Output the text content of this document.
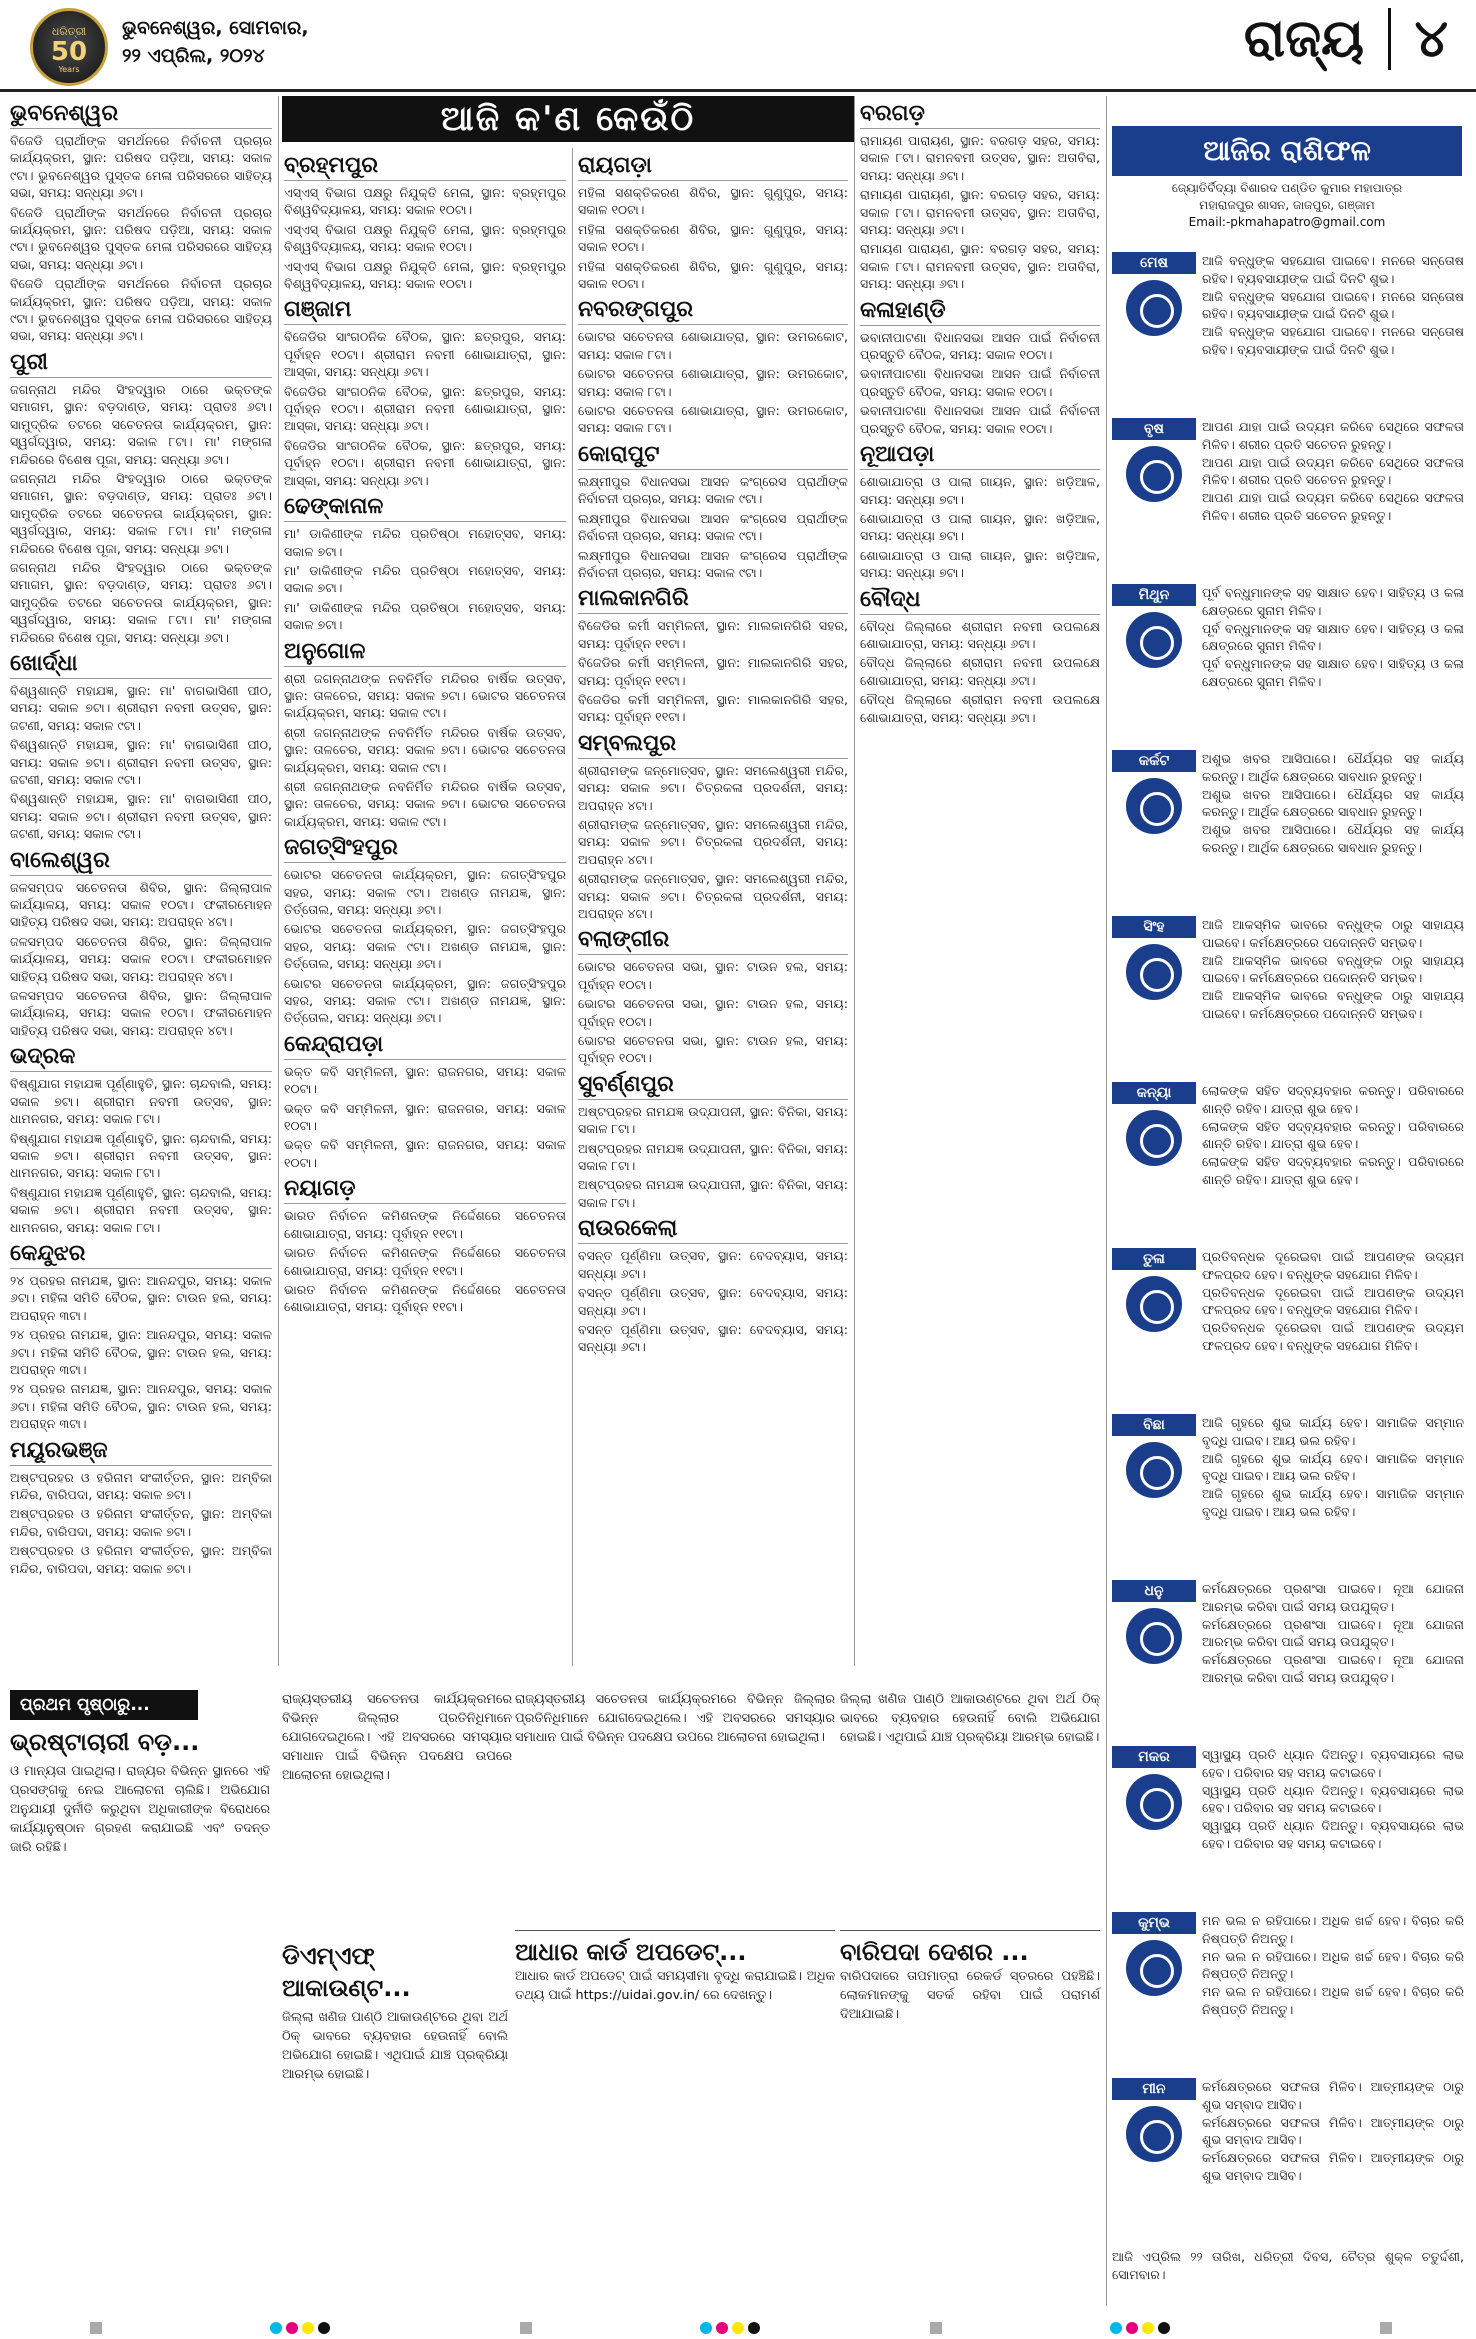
ଧରିତ୍ରୀ
50
Years
ଭୁବନେଶ୍ୱର, ସୋମବାର,
୨୨ ଏପ୍ରିଲ, ୨୦୨୪	ରାଜ୍ୟ ୪
ଆଜି କ'ଣ କେଉଁଠି
ଭୁବନେଶ୍ୱର

ବିଜେଡି ପ୍ରାର୍ଥୀଙ୍କ ସମର୍ଥନରେ ନିର୍ବାଚନୀ ପ୍ରଚାର କାର୍ଯ୍ୟକ୍ରମ, ସ୍ଥାନ: ପରିଷଦ ପଡ଼ିଆ, ସମୟ: ସକାଳ ୯ଟା। ଭୁବନେଶ୍ୱର ପୁସ୍ତକ ମେଳା ପରିସରରେ ସାହିତ୍ୟ ସଭା, ସମୟ: ସନ୍ଧ୍ୟା ୬ଟା।

ବିଜେଡି ପ୍ରାର୍ଥୀଙ୍କ ସମର୍ଥନରେ ନିର୍ବାଚନୀ ପ୍ରଚାର କାର୍ଯ୍ୟକ୍ରମ, ସ୍ଥାନ: ପରିଷଦ ପଡ଼ିଆ, ସମୟ: ସକାଳ ୯ଟା। ଭୁବନେଶ୍ୱର ପୁସ୍ତକ ମେଳା ପରିସରରେ ସାହିତ୍ୟ ସଭା, ସମୟ: ସନ୍ଧ୍ୟା ୬ଟା।

ବିଜେଡି ପ୍ରାର୍ଥୀଙ୍କ ସମର୍ଥନରେ ନିର୍ବାଚନୀ ପ୍ରଚାର କାର୍ଯ୍ୟକ୍ରମ, ସ୍ଥାନ: ପରିଷଦ ପଡ଼ିଆ, ସମୟ: ସକାଳ ୯ଟା। ଭୁବନେଶ୍ୱର ପୁସ୍ତକ ମେଳା ପରିସରରେ ସାହିତ୍ୟ ସଭା, ସମୟ: ସନ୍ଧ୍ୟା ୬ଟା।

ପୁରୀ

ଜଗନ୍ନାଥ ମନ୍ଦିର ସିଂହଦ୍ୱାର ଠାରେ ଭକ୍ତଙ୍କ ସମାଗମ, ସ୍ଥାନ: ବଡ଼ଦାଣ୍ଡ, ସମୟ: ପ୍ରାତଃ ୬ଟା। ସାମୁଦ୍ରିକ ତଟରେ ସଚେତନତା କାର୍ଯ୍ୟକ୍ରମ, ସ୍ଥାନ: ସ୍ୱର୍ଗଦ୍ୱାର, ସମୟ: ସକାଳ ୮ଟା। ମା' ମଙ୍ଗଳା ମନ୍ଦିରରେ ବିଶେଷ ପୂଜା, ସମୟ: ସନ୍ଧ୍ୟା ୬ଟା।

ଜଗନ୍ନାଥ ମନ୍ଦିର ସିଂହଦ୍ୱାର ଠାରେ ଭକ୍ତଙ୍କ ସମାଗମ, ସ୍ଥାନ: ବଡ଼ଦାଣ୍ଡ, ସମୟ: ପ୍ରାତଃ ୬ଟା। ସାମୁଦ୍ରିକ ତଟରେ ସଚେତନତା କାର୍ଯ୍ୟକ୍ରମ, ସ୍ଥାନ: ସ୍ୱର୍ଗଦ୍ୱାର, ସମୟ: ସକାଳ ୮ଟା। ମା' ମଙ୍ଗଳା ମନ୍ଦିରରେ ବିଶେଷ ପୂଜା, ସମୟ: ସନ୍ଧ୍ୟା ୬ଟା।

ଜଗନ୍ନାଥ ମନ୍ଦିର ସିଂହଦ୍ୱାର ଠାରେ ଭକ୍ତଙ୍କ ସମାଗମ, ସ୍ଥାନ: ବଡ଼ଦାଣ୍ଡ, ସମୟ: ପ୍ରାତଃ ୬ଟା। ସାମୁଦ୍ରିକ ତଟରେ ସଚେତନତା କାର୍ଯ୍ୟକ୍ରମ, ସ୍ଥାନ: ସ୍ୱର୍ଗଦ୍ୱାର, ସମୟ: ସକାଳ ୮ଟା। ମା' ମଙ୍ଗଳା ମନ୍ଦିରରେ ବିଶେଷ ପୂଜା, ସମୟ: ସନ୍ଧ୍ୟା ୬ଟା।

ଖୋର୍ଦ୍ଧା

ବିଶ୍ୱଶାନ୍ତି ମହାଯଜ୍ଞ, ସ୍ଥାନ: ମା' ବାଗଭାସିଣୀ ପୀଠ, ସମୟ: ସକାଳ ୭ଟା। ଶ୍ରୀରାମ ନବମୀ ଉତ୍ସବ, ସ୍ଥାନ: ଜଟଣୀ, ସମୟ: ସକାଳ ୯ଟା।

ବିଶ୍ୱଶାନ୍ତି ମହାଯଜ୍ଞ, ସ୍ଥାନ: ମା' ବାଗଭାସିଣୀ ପୀଠ, ସମୟ: ସକାଳ ୭ଟା। ଶ୍ରୀରାମ ନବମୀ ଉତ୍ସବ, ସ୍ଥାନ: ଜଟଣୀ, ସମୟ: ସକାଳ ୯ଟା।

ବିଶ୍ୱଶାନ୍ତି ମହାଯଜ୍ଞ, ସ୍ଥାନ: ମା' ବାଗଭାସିଣୀ ପୀଠ, ସମୟ: ସକାଳ ୭ଟା। ଶ୍ରୀରାମ ନବମୀ ଉତ୍ସବ, ସ୍ଥାନ: ଜଟଣୀ, ସମୟ: ସକାଳ ୯ଟା।

ବାଲେଶ୍ୱର

ଜଳସମ୍ପଦ ସଚେତନତା ଶିବିର, ସ୍ଥାନ: ଜିଲ୍ଲାପାଳ କାର୍ଯ୍ୟାଳୟ, ସମୟ: ସକାଳ ୧୦ଟା। ଫକୀରମୋହନ ସାହିତ୍ୟ ପରିଷଦ ସଭା, ସମୟ: ଅପରାହ୍ନ ୪ଟା।

ଜଳସମ୍ପଦ ସଚେତନତା ଶିବିର, ସ୍ଥାନ: ଜିଲ୍ଲାପାଳ କାର୍ଯ୍ୟାଳୟ, ସମୟ: ସକାଳ ୧୦ଟା। ଫକୀରମୋହନ ସାହିତ୍ୟ ପରିଷଦ ସଭା, ସମୟ: ଅପରାହ୍ନ ୪ଟା।

ଜଳସମ୍ପଦ ସଚେତନତା ଶିବିର, ସ୍ଥାନ: ଜିଲ୍ଲାପାଳ କାର୍ଯ୍ୟାଳୟ, ସମୟ: ସକାଳ ୧୦ଟା। ଫକୀରମୋହନ ସାହିତ୍ୟ ପରିଷଦ ସଭା, ସମୟ: ଅପରାହ୍ନ ୪ଟା।

ଭଦ୍ରକ

ବିଷ୍ଣୁଯାଗ ମହାଯଜ୍ଞ ପୂର୍ଣ୍ଣାହୁତି, ସ୍ଥାନ: ଚାନ୍ଦବାଲି, ସମୟ: ସକାଳ ୭ଟା। ଶ୍ରୀରାମ ନବମୀ ଉତ୍ସବ, ସ୍ଥାନ: ଧାମନଗର, ସମୟ: ସକାଳ ୮ଟା।

ବିଷ୍ଣୁଯାଗ ମହାଯଜ୍ଞ ପୂର୍ଣ୍ଣାହୁତି, ସ୍ଥାନ: ଚାନ୍ଦବାଲି, ସମୟ: ସକାଳ ୭ଟା। ଶ୍ରୀରାମ ନବମୀ ଉତ୍ସବ, ସ୍ଥାନ: ଧାମନଗର, ସମୟ: ସକାଳ ୮ଟା।

ବିଷ୍ଣୁଯାଗ ମହାଯଜ୍ଞ ପୂର୍ଣ୍ଣାହୁତି, ସ୍ଥାନ: ଚାନ୍ଦବାଲି, ସମୟ: ସକାଳ ୭ଟା। ଶ୍ରୀରାମ ନବମୀ ଉତ୍ସବ, ସ୍ଥାନ: ଧାମନଗର, ସମୟ: ସକାଳ ୮ଟା।

କେନ୍ଦୁଝର

୨୪ ପ୍ରହର ନାମଯଜ୍ଞ, ସ୍ଥାନ: ଆନନ୍ଦପୁର, ସମୟ: ସକାଳ ୬ଟା। ମହିଳା ସମିତି ବୈଠକ, ସ୍ଥାନ: ଟାଉନ ହଲ, ସମୟ: ଅପରାହ୍ନ ୩ଟା।

୨୪ ପ୍ରହର ନାମଯଜ୍ଞ, ସ୍ଥାନ: ଆନନ୍ଦପୁର, ସମୟ: ସକାଳ ୬ଟା। ମହିଳା ସମିତି ବୈଠକ, ସ୍ଥାନ: ଟାଉନ ହଲ, ସମୟ: ଅପରାହ୍ନ ୩ଟା।

୨୪ ପ୍ରହର ନାମଯଜ୍ଞ, ସ୍ଥାନ: ଆନନ୍ଦପୁର, ସମୟ: ସକାଳ ୬ଟା। ମହିଳା ସମିତି ବୈଠକ, ସ୍ଥାନ: ଟାଉନ ହଲ, ସମୟ: ଅପରାହ୍ନ ୩ଟା।

ମୟୂରଭଞ୍ଜ

ଅଷ୍ଟପ୍ରହର ଓ ହରିନାମ ସଂକୀର୍ତ୍ତନ, ସ୍ଥାନ: ଅମ୍ବିକା ମନ୍ଦିର, ବାରିପଦା, ସମୟ: ସକାଳ ୭ଟା।

ଅଷ୍ଟପ୍ରହର ଓ ହରିନାମ ସଂକୀର୍ତ୍ତନ, ସ୍ଥାନ: ଅମ୍ବିକା ମନ୍ଦିର, ବାରିପଦା, ସମୟ: ସକାଳ ୭ଟା।

ଅଷ୍ଟପ୍ରହର ଓ ହରିନାମ ସଂକୀର୍ତ୍ତନ, ସ୍ଥାନ: ଅମ୍ବିକା ମନ୍ଦିର, ବାରିପଦା, ସମୟ: ସକାଳ ୭ଟା।

ବ୍ରହ୍ମପୁର

ଏସ୍‌ଏସ୍ ବିଭାଗ ପକ୍ଷରୁ ନିଯୁକ୍ତି ମେଳା, ସ୍ଥାନ: ବ୍ରହ୍ମପୁର ବିଶ୍ୱବିଦ୍ୟାଳୟ, ସମୟ: ସକାଳ ୧୦ଟା।

ଏସ୍‌ଏସ୍ ବିଭାଗ ପକ୍ଷରୁ ନିଯୁକ୍ତି ମେଳା, ସ୍ଥାନ: ବ୍ରହ୍ମପୁର ବିଶ୍ୱବିଦ୍ୟାଳୟ, ସମୟ: ସକାଳ ୧୦ଟା।

ଏସ୍‌ଏସ୍ ବିଭାଗ ପକ୍ଷରୁ ନିଯୁକ୍ତି ମେଳା, ସ୍ଥାନ: ବ୍ରହ୍ମପୁର ବିଶ୍ୱବିଦ୍ୟାଳୟ, ସମୟ: ସକାଳ ୧୦ଟା।

ଗଞ୍ଜାମ

ବିଜେଡିର ସାଂଗଠନିକ ବୈଠକ, ସ୍ଥାନ: ଛତ୍ରପୁର, ସମୟ: ପୂର୍ବାହ୍ନ ୧୦ଟା। ଶ୍ରୀରାମ ନବମୀ ଶୋଭାଯାତ୍ରା, ସ୍ଥାନ: ଆସ୍କା, ସମୟ: ସନ୍ଧ୍ୟା ୬ଟା।

ବିଜେଡିର ସାଂଗଠନିକ ବୈଠକ, ସ୍ଥାନ: ଛତ୍ରପୁର, ସମୟ: ପୂର୍ବାହ୍ନ ୧୦ଟା। ଶ୍ରୀରାମ ନବମୀ ଶୋଭାଯାତ୍ରା, ସ୍ଥାନ: ଆସ୍କା, ସମୟ: ସନ୍ଧ୍ୟା ୬ଟା।

ବିଜେଡିର ସାଂଗଠନିକ ବୈଠକ, ସ୍ଥାନ: ଛତ୍ରପୁର, ସମୟ: ପୂର୍ବାହ୍ନ ୧୦ଟା। ଶ୍ରୀରାମ ନବମୀ ଶୋଭାଯାତ୍ରା, ସ୍ଥାନ: ଆସ୍କା, ସମୟ: ସନ୍ଧ୍ୟା ୬ଟା।

ଢେଙ୍କାନାଳ

ମା' ଡାକିଣୀଙ୍କ ମନ୍ଦିର ପ୍ରତିଷ୍ଠା ମହୋତ୍ସବ, ସମୟ: ସକାଳ ୭ଟା।

ମା' ଡାକିଣୀଙ୍କ ମନ୍ଦିର ପ୍ରତିଷ୍ଠା ମହୋତ୍ସବ, ସମୟ: ସକାଳ ୭ଟା।

ମା' ଡାକିଣୀଙ୍କ ମନ୍ଦିର ପ୍ରତିଷ୍ଠା ମହୋତ୍ସବ, ସମୟ: ସକାଳ ୭ଟା।

ଅନୁଗୋଳ

ଶ୍ରୀ ଜଗନ୍ନାଥଙ୍କ ନବନିର୍ମିତ ମନ୍ଦିରର ବାର୍ଷିକ ଉତ୍ସବ, ସ୍ଥାନ: ତାଳଚେର, ସମୟ: ସକାଳ ୭ଟା। ଭୋଟର ସଚେତନତା କାର୍ଯ୍ୟକ୍ରମ, ସମୟ: ସକାଳ ୯ଟା।

ଶ୍ରୀ ଜଗନ୍ନାଥଙ୍କ ନବନିର୍ମିତ ମନ୍ଦିରର ବାର୍ଷିକ ଉତ୍ସବ, ସ୍ଥାନ: ତାଳଚେର, ସମୟ: ସକାଳ ୭ଟା। ଭୋଟର ସଚେତନତା କାର୍ଯ୍ୟକ୍ରମ, ସମୟ: ସକାଳ ୯ଟା।

ଶ୍ରୀ ଜଗନ୍ନାଥଙ୍କ ନବନିର୍ମିତ ମନ୍ଦିରର ବାର୍ଷିକ ଉତ୍ସବ, ସ୍ଥାନ: ତାଳଚେର, ସମୟ: ସକାଳ ୭ଟା। ଭୋଟର ସଚେତନତା କାର୍ଯ୍ୟକ୍ରମ, ସମୟ: ସକାଳ ୯ଟା।

ଜଗତ୍‌ସିଂହପୁର

ଭୋଟର ସଚେତନତା କାର୍ଯ୍ୟକ୍ରମ, ସ୍ଥାନ: ଜଗତ୍‌ସିଂହପୁର ସହର, ସମୟ: ସକାଳ ୯ଟା। ଅଖଣ୍ଡ ନାମଯଜ୍ଞ, ସ୍ଥାନ: ତିର୍ତ୍ତୋଲ, ସମୟ: ସନ୍ଧ୍ୟା ୬ଟା।

ଭୋଟର ସଚେତନତା କାର୍ଯ୍ୟକ୍ରମ, ସ୍ଥାନ: ଜଗତ୍‌ସିଂହପୁର ସହର, ସମୟ: ସକାଳ ୯ଟା। ଅଖଣ୍ଡ ନାମଯଜ୍ଞ, ସ୍ଥାନ: ତିର୍ତ୍ତୋଲ, ସମୟ: ସନ୍ଧ୍ୟା ୬ଟା।

ଭୋଟର ସଚେତନତା କାର୍ଯ୍ୟକ୍ରମ, ସ୍ଥାନ: ଜଗତ୍‌ସିଂହପୁର ସହର, ସମୟ: ସକାଳ ୯ଟା। ଅଖଣ୍ଡ ନାମଯଜ୍ଞ, ସ୍ଥାନ: ତିର୍ତ୍ତୋଲ, ସମୟ: ସନ୍ଧ୍ୟା ୬ଟା।

କେନ୍ଦ୍ରାପଡ଼ା

ଭକ୍ତ କବି ସମ୍ମିଳନୀ, ସ୍ଥାନ: ରାଜନଗର, ସମୟ: ସକାଳ ୧୦ଟା।

ଭକ୍ତ କବି ସମ୍ମିଳନୀ, ସ୍ଥାନ: ରାଜନଗର, ସମୟ: ସକାଳ ୧୦ଟା।

ଭକ୍ତ କବି ସମ୍ମିଳନୀ, ସ୍ଥାନ: ରାଜନଗର, ସମୟ: ସକାଳ ୧୦ଟା।

ନୟାଗଡ଼

ଭାରତ ନିର୍ବାଚନ କମିଶନଙ୍କ ନିର୍ଦ୍ଦେଶରେ ସଚେତନତା ଶୋଭାଯାତ୍ରା, ସମୟ: ପୂର୍ବାହ୍ନ ୧୧ଟା।

ଭାରତ ନିର୍ବାଚନ କମିଶନଙ୍କ ନିର୍ଦ୍ଦେଶରେ ସଚେତନତା ଶୋଭାଯାତ୍ରା, ସମୟ: ପୂର୍ବାହ୍ନ ୧୧ଟା।

ଭାରତ ନିର୍ବାଚନ କମିଶନଙ୍କ ନିର୍ଦ୍ଦେଶରେ ସଚେତନତା ଶୋଭାଯାତ୍ରା, ସମୟ: ପୂର୍ବାହ୍ନ ୧୧ଟା।

ରାୟଗଡ଼ା

ମହିଳା ସଶକ୍ତିକରଣ ଶିବିର, ସ୍ଥାନ: ଗୁଣୁପୁର, ସମୟ: ସକାଳ ୧୦ଟା।

ମହିଳା ସଶକ୍ତିକରଣ ଶିବିର, ସ୍ଥାନ: ଗୁଣୁପୁର, ସମୟ: ସକାଳ ୧୦ଟା।

ମହିଳା ସଶକ୍ତିକରଣ ଶିବିର, ସ୍ଥାନ: ଗୁଣୁପୁର, ସମୟ: ସକାଳ ୧୦ଟା।

ନବରଙ୍ଗପୁର

ଭୋଟର ସଚେତନତା ଶୋଭାଯାତ୍ରା, ସ୍ଥାନ: ଉମରକୋଟ, ସମୟ: ସକାଳ ୮ଟା।

ଭୋଟର ସଚେତନତା ଶୋଭାଯାତ୍ରା, ସ୍ଥାନ: ଉମରକୋଟ, ସମୟ: ସକାଳ ୮ଟା।

ଭୋଟର ସଚେତନତା ଶୋଭାଯାତ୍ରା, ସ୍ଥାନ: ଉମରକୋଟ, ସମୟ: ସକାଳ ୮ଟା।

କୋରାପୁଟ

ଲକ୍ଷ୍ମୀପୁର ବିଧାନସଭା ଆସନ କଂଗ୍ରେସ ପ୍ରାର୍ଥୀଙ୍କ ନିର୍ବାଚନୀ ପ୍ରଚାର, ସମୟ: ସକାଳ ୯ଟା।

ଲକ୍ଷ୍ମୀପୁର ବିଧାନସଭା ଆସନ କଂଗ୍ରେସ ପ୍ରାର୍ଥୀଙ୍କ ନିର୍ବାଚନୀ ପ୍ରଚାର, ସମୟ: ସକାଳ ୯ଟା।

ଲକ୍ଷ୍ମୀପୁର ବିଧାନସଭା ଆସନ କଂଗ୍ରେସ ପ୍ରାର୍ଥୀଙ୍କ ନିର୍ବାଚନୀ ପ୍ରଚାର, ସମୟ: ସକାଳ ୯ଟା।

ମାଲକାନଗିରି

ବିଜେଡିର କର୍ମୀ ସମ୍ମିଳନୀ, ସ୍ଥାନ: ମାଲକାନଗିରି ସହର, ସମୟ: ପୂର୍ବାହ୍ନ ୧୧ଟା।

ବିଜେଡିର କର୍ମୀ ସମ୍ମିଳନୀ, ସ୍ଥାନ: ମାଲକାନଗିରି ସହର, ସମୟ: ପୂର୍ବାହ୍ନ ୧୧ଟା।

ବିଜେଡିର କର୍ମୀ ସମ୍ମିଳନୀ, ସ୍ଥାନ: ମାଲକାନଗିରି ସହର, ସମୟ: ପୂର୍ବାହ୍ନ ୧୧ଟା।

ସମ୍ବଲପୁର

ଶ୍ରୀରାମଙ୍କ ଜନ୍ମୋତ୍ସବ, ସ୍ଥାନ: ସମଲେଶ୍ୱରୀ ମନ୍ଦିର, ସମୟ: ସକାଳ ୭ଟା। ଚିତ୍ରକଳା ପ୍ରଦର୍ଶନୀ, ସମୟ: ଅପରାହ୍ନ ୪ଟା।

ଶ୍ରୀରାମଙ୍କ ଜନ୍ମୋତ୍ସବ, ସ୍ଥାନ: ସମଲେଶ୍ୱରୀ ମନ୍ଦିର, ସମୟ: ସକାଳ ୭ଟା। ଚିତ୍ରକଳା ପ୍ରଦର୍ଶନୀ, ସମୟ: ଅପରାହ୍ନ ୪ଟା।

ଶ୍ରୀରାମଙ୍କ ଜନ୍ମୋତ୍ସବ, ସ୍ଥାନ: ସମଲେଶ୍ୱରୀ ମନ୍ଦିର, ସମୟ: ସକାଳ ୭ଟା। ଚିତ୍ରକଳା ପ୍ରଦର୍ଶନୀ, ସମୟ: ଅପରାହ୍ନ ୪ଟା।

ବଲାଙ୍ଗୀର

ଭୋଟର ସଚେତନତା ସଭା, ସ୍ଥାନ: ଟାଉନ ହଲ, ସମୟ: ପୂର୍ବାହ୍ନ ୧୦ଟା।

ଭୋଟର ସଚେତନତା ସଭା, ସ୍ଥାନ: ଟାଉନ ହଲ, ସମୟ: ପୂର୍ବାହ୍ନ ୧୦ଟା।

ଭୋଟର ସଚେତନତା ସଭା, ସ୍ଥାନ: ଟାଉନ ହଲ, ସମୟ: ପୂର୍ବାହ୍ନ ୧୦ଟା।

ସୁବର୍ଣ୍ଣପୁର

ଅଷ୍ଟପ୍ରହର ନାମଯଜ୍ଞ ଉଦ୍‌ଯାପନୀ, ସ୍ଥାନ: ବିନିକା, ସମୟ: ସକାଳ ୮ଟା।

ଅଷ୍ଟପ୍ରହର ନାମଯଜ୍ଞ ଉଦ୍‌ଯାପନୀ, ସ୍ଥାନ: ବିନିକା, ସମୟ: ସକାଳ ୮ଟା।

ଅଷ୍ଟପ୍ରହର ନାମଯଜ୍ଞ ଉଦ୍‌ଯାପନୀ, ସ୍ଥାନ: ବିନିକା, ସମୟ: ସକାଳ ୮ଟା।

ରାଉରକେଲା

ବସନ୍ତ ପୂର୍ଣ୍ଣିମା ଉତ୍ସବ, ସ୍ଥାନ: ବେଦବ୍ୟାସ, ସମୟ: ସନ୍ଧ୍ୟା ୬ଟା।

ବସନ୍ତ ପୂର୍ଣ୍ଣିମା ଉତ୍ସବ, ସ୍ଥାନ: ବେଦବ୍ୟାସ, ସମୟ: ସନ୍ଧ୍ୟା ୬ଟା।

ବସନ୍ତ ପୂର୍ଣ୍ଣିମା ଉତ୍ସବ, ସ୍ଥାନ: ବେଦବ୍ୟାସ, ସମୟ: ସନ୍ଧ୍ୟା ୬ଟା।

ବରଗଡ଼

ରାମାୟଣ ପାରାୟଣ, ସ୍ଥାନ: ବରଗଡ଼ ସହର, ସମୟ: ସକାଳ ୮ଟା। ରାମନବମୀ ଉତ୍ସବ, ସ୍ଥାନ: ଅତାବିରା, ସମୟ: ସନ୍ଧ୍ୟା ୬ଟା।

ରାମାୟଣ ପାରାୟଣ, ସ୍ଥାନ: ବରଗଡ଼ ସହର, ସମୟ: ସକାଳ ୮ଟା। ରାମନବମୀ ଉତ୍ସବ, ସ୍ଥାନ: ଅତାବିରା, ସମୟ: ସନ୍ଧ୍ୟା ୬ଟା।

ରାମାୟଣ ପାରାୟଣ, ସ୍ଥାନ: ବରଗଡ଼ ସହର, ସମୟ: ସକାଳ ୮ଟା। ରାମନବମୀ ଉତ୍ସବ, ସ୍ଥାନ: ଅତାବିରା, ସମୟ: ସନ୍ଧ୍ୟା ୬ଟା।

କଳାହାଣ୍ଡି

ଭବାନୀପାଟଣା ବିଧାନସଭା ଆସନ ପାଇଁ ନିର୍ବାଚନୀ ପ୍ରସ୍ତୁତି ବୈଠକ, ସମୟ: ସକାଳ ୧୦ଟା।

ଭବାନୀପାଟଣା ବିଧାନସଭା ଆସନ ପାଇଁ ନିର୍ବାଚନୀ ପ୍ରସ୍ତୁତି ବୈଠକ, ସମୟ: ସକାଳ ୧୦ଟା।

ଭବାନୀପାଟଣା ବିଧାନସଭା ଆସନ ପାଇଁ ନିର୍ବାଚନୀ ପ୍ରସ୍ତୁତି ବୈଠକ, ସମୟ: ସକାଳ ୧୦ଟା।

ନୂଆପଡ଼ା

ଶୋଭାଯାତ୍ରା ଓ ପାଲା ଗାୟନ, ସ୍ଥାନ: ଖଡ଼ିଆଳ, ସମୟ: ସନ୍ଧ୍ୟା ୭ଟା।

ଶୋଭାଯାତ୍ରା ଓ ପାଲା ଗାୟନ, ସ୍ଥାନ: ଖଡ଼ିଆଳ, ସମୟ: ସନ୍ଧ୍ୟା ୭ଟା।

ଶୋଭାଯାତ୍ରା ଓ ପାଲା ଗାୟନ, ସ୍ଥାନ: ଖଡ଼ିଆଳ, ସମୟ: ସନ୍ଧ୍ୟା ୭ଟା।

ବୌଦ୍ଧ

ବୌଦ୍ଧ ଜିଲ୍ଲାରେ ଶ୍ରୀରାମ ନବମୀ ଉପଲକ୍ଷେ ଶୋଭାଯାତ୍ରା, ସମୟ: ସନ୍ଧ୍ୟା ୬ଟା।

ବୌଦ୍ଧ ଜିଲ୍ଲାରେ ଶ୍ରୀରାମ ନବମୀ ଉପଲକ୍ଷେ ଶୋଭାଯାତ୍ରା, ସମୟ: ସନ୍ଧ୍ୟା ୬ଟା।

ବୌଦ୍ଧ ଜିଲ୍ଲାରେ ଶ୍ରୀରାମ ନବମୀ ଉପଲକ୍ଷେ ଶୋଭାଯାତ୍ରା, ସମୟ: ସନ୍ଧ୍ୟା ୬ଟା।

ଆଜିର ରାଶିଫଳ
ଜ୍ୟୋତିର୍ବିଦ୍ୟା ବିଶାରଦ ପଣ୍ଡିତ କୁମାର ମହାପାତ୍ର
ମହାରାଜପୁର ଶାସନ, ଜାଜପୁର, ଗଞ୍ଜାମ
Email:-pkmahapatro@gmail.com
ମେଷ	ଆଜି ବନ୍ଧୁଙ୍କ ସହଯୋଗ ପାଇବେ। ମନରେ ସନ୍ତୋଷ ରହିବ। ବ୍ୟବସାୟୀଙ୍କ ପାଇଁ ଦିନଟି ଶୁଭ।

ଆଜି ବନ୍ଧୁଙ୍କ ସହଯୋଗ ପାଇବେ। ମନରେ ସନ୍ତୋଷ ରହିବ। ବ୍ୟବସାୟୀଙ୍କ ପାଇଁ ଦିନଟି ଶୁଭ।

ଆଜି ବନ୍ଧୁଙ୍କ ସହଯୋଗ ପାଇବେ। ମନରେ ସନ୍ତୋଷ ରହିବ। ବ୍ୟବସାୟୀଙ୍କ ପାଇଁ ଦିନଟି ଶୁଭ।

ବୃଷ	ଆପଣ ଯାହା ପାଇଁ ଉଦ୍ୟମ କରିବେ ସେଥିରେ ସଫଳତା ମିଳିବ। ଶରୀର ପ୍ରତି ସଚେତନ ରୁହନ୍ତୁ।

ଆପଣ ଯାହା ପାଇଁ ଉଦ୍ୟମ କରିବେ ସେଥିରେ ସଫଳତା ମିଳିବ। ଶରୀର ପ୍ରତି ସଚେତନ ରୁହନ୍ତୁ।

ଆପଣ ଯାହା ପାଇଁ ଉଦ୍ୟମ କରିବେ ସେଥିରେ ସଫଳତା ମିଳିବ। ଶରୀର ପ୍ରତି ସଚେତନ ରୁହନ୍ତୁ।

ମିଥୁନ	ପୂର୍ବ ବନ୍ଧୁମାନଙ୍କ ସହ ସାକ୍ଷାତ ହେବ। ସାହିତ୍ୟ ଓ କଳା କ୍ଷେତ୍ରରେ ସୁନାମ ମିଳିବ।

ପୂର୍ବ ବନ୍ଧୁମାନଙ୍କ ସହ ସାକ୍ଷାତ ହେବ। ସାହିତ୍ୟ ଓ କଳା କ୍ଷେତ୍ରରେ ସୁନାମ ମିଳିବ।

ପୂର୍ବ ବନ୍ଧୁମାନଙ୍କ ସହ ସାକ୍ଷାତ ହେବ। ସାହିତ୍ୟ ଓ କଳା କ୍ଷେତ୍ରରେ ସୁନାମ ମିଳିବ।

କର୍କଟ	ଅଶୁଭ ଖବର ଆସିପାରେ। ଧୈର୍ଯ୍ୟର ସହ କାର୍ଯ୍ୟ କରନ୍ତୁ। ଆର୍ଥିକ କ୍ଷେତ୍ରରେ ସାବଧାନ ରୁହନ୍ତୁ।

ଅଶୁଭ ଖବର ଆସିପାରେ। ଧୈର୍ଯ୍ୟର ସହ କାର୍ଯ୍ୟ କରନ୍ତୁ। ଆର୍ଥିକ କ୍ଷେତ୍ରରେ ସାବଧାନ ରୁହନ୍ତୁ।

ଅଶୁଭ ଖବର ଆସିପାରେ। ଧୈର୍ଯ୍ୟର ସହ କାର୍ଯ୍ୟ କରନ୍ତୁ। ଆର୍ଥିକ କ୍ଷେତ୍ରରେ ସାବଧାନ ରୁହନ୍ତୁ।

ସିଂହ	ଆଜି ଆକସ୍ମିକ ଭାବରେ ବନ୍ଧୁଙ୍କ ଠାରୁ ସାହାଯ୍ୟ ପାଇବେ। କର୍ମକ୍ଷେତ୍ରରେ ପଦୋନ୍ନତି ସମ୍ଭବ।

ଆଜି ଆକସ୍ମିକ ଭାବରେ ବନ୍ଧୁଙ୍କ ଠାରୁ ସାହାଯ୍ୟ ପାଇବେ। କର୍ମକ୍ଷେତ୍ରରେ ପଦୋନ୍ନତି ସମ୍ଭବ।

ଆଜି ଆକସ୍ମିକ ଭାବରେ ବନ୍ଧୁଙ୍କ ଠାରୁ ସାହାଯ୍ୟ ପାଇବେ। କର୍ମକ୍ଷେତ୍ରରେ ପଦୋନ୍ନତି ସମ୍ଭବ।

କନ୍ୟା	ଲୋକଙ୍କ ସହିତ ସଦ୍‌ବ୍ୟବହାର କରନ୍ତୁ। ପରିବାରରେ ଶାନ୍ତି ରହିବ। ଯାତ୍ରା ଶୁଭ ହେବ।

ଲୋକଙ୍କ ସହିତ ସଦ୍‌ବ୍ୟବହାର କରନ୍ତୁ। ପରିବାରରେ ଶାନ୍ତି ରହିବ। ଯାତ୍ରା ଶୁଭ ହେବ।

ଲୋକଙ୍କ ସହିତ ସଦ୍‌ବ୍ୟବହାର କରନ୍ତୁ। ପରିବାରରେ ଶାନ୍ତି ରହିବ। ଯାତ୍ରା ଶୁଭ ହେବ।

ତୁଳା	ପ୍ରତିବନ୍ଧକ ଦୂରେଇବା ପାଇଁ ଆପଣଙ୍କ ଉଦ୍ୟମ ଫଳପ୍ରଦ ହେବ। ବନ୍ଧୁଙ୍କ ସହଯୋଗ ମିଳିବ।

ପ୍ରତିବନ୍ଧକ ଦୂରେଇବା ପାଇଁ ଆପଣଙ୍କ ଉଦ୍ୟମ ଫଳପ୍ରଦ ହେବ। ବନ୍ଧୁଙ୍କ ସହଯୋଗ ମିଳିବ।

ପ୍ରତିବନ୍ଧକ ଦୂରେଇବା ପାଇଁ ଆପଣଙ୍କ ଉଦ୍ୟମ ଫଳପ୍ରଦ ହେବ। ବନ୍ଧୁଙ୍କ ସହଯୋଗ ମିଳିବ।

ବିଛା	ଆଜି ଗୃହରେ ଶୁଭ କାର୍ଯ୍ୟ ହେବ। ସାମାଜିକ ସମ୍ମାନ ବୃଦ୍ଧି ପାଇବ। ଆୟ ଭଲ ରହିବ।

ଆଜି ଗୃହରେ ଶୁଭ କାର୍ଯ୍ୟ ହେବ। ସାମାଜିକ ସମ୍ମାନ ବୃଦ୍ଧି ପାଇବ। ଆୟ ଭଲ ରହିବ।

ଆଜି ଗୃହରେ ଶୁଭ କାର୍ଯ୍ୟ ହେବ। ସାମାଜିକ ସମ୍ମାନ ବୃଦ୍ଧି ପାଇବ। ଆୟ ଭଲ ରହିବ।

ଧନୁ	କର୍ମକ୍ଷେତ୍ରରେ ପ୍ରଶଂସା ପାଇବେ। ନୂଆ ଯୋଜନା ଆରମ୍ଭ କରିବା ପାଇଁ ସମୟ ଉପଯୁକ୍ତ।

କର୍ମକ୍ଷେତ୍ରରେ ପ୍ରଶଂସା ପାଇବେ। ନୂଆ ଯୋଜନା ଆରମ୍ଭ କରିବା ପାଇଁ ସମୟ ଉପଯୁକ୍ତ।

କର୍ମକ୍ଷେତ୍ରରେ ପ୍ରଶଂସା ପାଇବେ। ନୂଆ ଯୋଜନା ଆରମ୍ଭ କରିବା ପାଇଁ ସମୟ ଉପଯୁକ୍ତ।

ମକର	ସ୍ୱାସ୍ଥ୍ୟ ପ୍ରତି ଧ୍ୟାନ ଦିଅନ୍ତୁ। ବ୍ୟବସାୟରେ ଲାଭ ହେବ। ପରିବାର ସହ ସମୟ କଟାଇବେ।

ସ୍ୱାସ୍ଥ୍ୟ ପ୍ରତି ଧ୍ୟାନ ଦିଅନ୍ତୁ। ବ୍ୟବସାୟରେ ଲାଭ ହେବ। ପରିବାର ସହ ସମୟ କଟାଇବେ।

ସ୍ୱାସ୍ଥ୍ୟ ପ୍ରତି ଧ୍ୟାନ ଦିଅନ୍ତୁ। ବ୍ୟବସାୟରେ ଲାଭ ହେବ। ପରିବାର ସହ ସମୟ କଟାଇବେ।

କୁମ୍ଭ	ମନ ଭଲ ନ ରହିପାରେ। ଅଧିକ ଖର୍ଚ୍ଚ ହେବ। ବିଚାର କରି ନିଷ୍ପତ୍ତି ନିଅନ୍ତୁ।

ମନ ଭଲ ନ ରହିପାରେ। ଅଧିକ ଖର୍ଚ୍ଚ ହେବ। ବିଚାର କରି ନିଷ୍ପତ୍ତି ନିଅନ୍ତୁ।

ମନ ଭଲ ନ ରହିପାରେ। ଅଧିକ ଖର୍ଚ୍ଚ ହେବ। ବିଚାର କରି ନିଷ୍ପତ୍ତି ନିଅନ୍ତୁ।

ମୀନ	କର୍ମକ୍ଷେତ୍ରରେ ସଫଳତା ମିଳିବ। ଆତ୍ମୀୟଙ୍କ ଠାରୁ ଶୁଭ ସମ୍ବାଦ ଆସିବ।

କର୍ମକ୍ଷେତ୍ରରେ ସଫଳତା ମିଳିବ। ଆତ୍ମୀୟଙ୍କ ଠାରୁ ଶୁଭ ସମ୍ବାଦ ଆସିବ।

କର୍ମକ୍ଷେତ୍ରରେ ସଫଳତା ମିଳିବ। ଆତ୍ମୀୟଙ୍କ ଠାରୁ ଶୁଭ ସମ୍ବାଦ ଆସିବ।

ଆଜି ଏପ୍ରିଲ ୨୨ ତାରିଖ, ଧରିତ୍ରୀ ଦିବସ, ଚୈତ୍ର ଶୁକ୍ଳ ଚତୁର୍ଦ୍ଦଶୀ, ସୋମବାର।

ପ୍ରଥମ ପୃଷ୍ଠାରୁ...
ଭ୍ରଷ୍ଟାଚାରୀ ବଡ଼...

ଓ ମାନ୍ୟତା ପାଇଥିଲା। ରାଜ୍ୟର ବିଭିନ୍ନ ସ୍ଥାନରେ ଏହି ପ୍ରସଙ୍ଗକୁ ନେଇ ଆଲୋଚନା ଚାଲିଛି। ଅଭିଯୋଗ ଅନୁଯାୟୀ ଦୁର୍ନୀତି କରୁଥିବା ଅଧିକାରୀଙ୍କ ବିରୋଧରେ କାର୍ଯ୍ୟାନୁଷ୍ଠାନ ଗ୍ରହଣ କରାଯାଇଛି ଏବଂ ତଦନ୍ତ ଜାରି ରହିଛି।

ରାଜ୍ୟସ୍ତରୀୟ ସଚେତନତା କାର୍ଯ୍ୟକ୍ରମରେ ବିଭିନ୍ନ ଜିଲ୍ଲାର ପ୍ରତିନିଧିମାନେ ଯୋଗଦେଇଥିଲେ। ଏହି ଅବସରରେ ସମସ୍ୟାର ସମାଧାନ ପାଇଁ ବିଭିନ୍ନ ପଦକ୍ଷେପ ଉପରେ ଆଲୋଚନା ହୋଇଥିଲା।

ଡିଏମ୍‌ଏଫ୍ ଆକାଉଣ୍ଟ...

ଜିଲ୍ଲା ଖଣିଜ ପାଣ୍ଠି ଆକାଉଣ୍ଟରେ ଥିବା ଅର୍ଥ ଠିକ୍ ଭାବରେ ବ୍ୟବହାର ହେଉନାହିଁ ବୋଲି ଅଭିଯୋଗ ହୋଇଛି। ଏଥିପାଇଁ ଯାଞ୍ଚ ପ୍ରକ୍ରିୟା ଆରମ୍ଭ ହୋଇଛି।

ରାଜ୍ୟସ୍ତରୀୟ ସଚେତନତା କାର୍ଯ୍ୟକ୍ରମରେ ବିଭିନ୍ନ ଜିଲ୍ଲାର ପ୍ରତିନିଧିମାନେ ଯୋଗଦେଇଥିଲେ। ଏହି ଅବସରରେ ସମସ୍ୟାର ସମାଧାନ ପାଇଁ ବିଭିନ୍ନ ପଦକ୍ଷେପ ଉପରେ ଆଲୋଚନା ହୋଇଥିଲା।

ଆଧାର କାର୍ଡ ଅପଡେଟ୍...

ଆଧାର କାର୍ଡ ଅପଡେଟ୍ ପାଇଁ ସମୟସୀମା ବୃଦ୍ଧି କରାଯାଇଛି। ଅଧିକ ତଥ୍ୟ ପାଇଁ https://uidai.gov.in/ ରେ ଦେଖନ୍ତୁ।

ଜିଲ୍ଲା ଖଣିଜ ପାଣ୍ଠି ଆକାଉଣ୍ଟରେ ଥିବା ଅର୍ଥ ଠିକ୍ ଭାବରେ ବ୍ୟବହାର ହେଉନାହିଁ ବୋଲି ଅଭିଯୋଗ ହୋଇଛି। ଏଥିପାଇଁ ଯାଞ୍ଚ ପ୍ରକ୍ରିୟା ଆରମ୍ଭ ହୋଇଛି।

ବାରିପଦା ଦେଶର ...

ବାରିପଦାରେ ତାପମାତ୍ରା ରେକର୍ଡ ସ୍ତରରେ ପହଞ୍ଚିଛି। ଲୋକମାନଙ୍କୁ ସତର୍କ ରହିବା ପାଇଁ ପରାମର୍ଶ ଦିଆଯାଇଛି।
